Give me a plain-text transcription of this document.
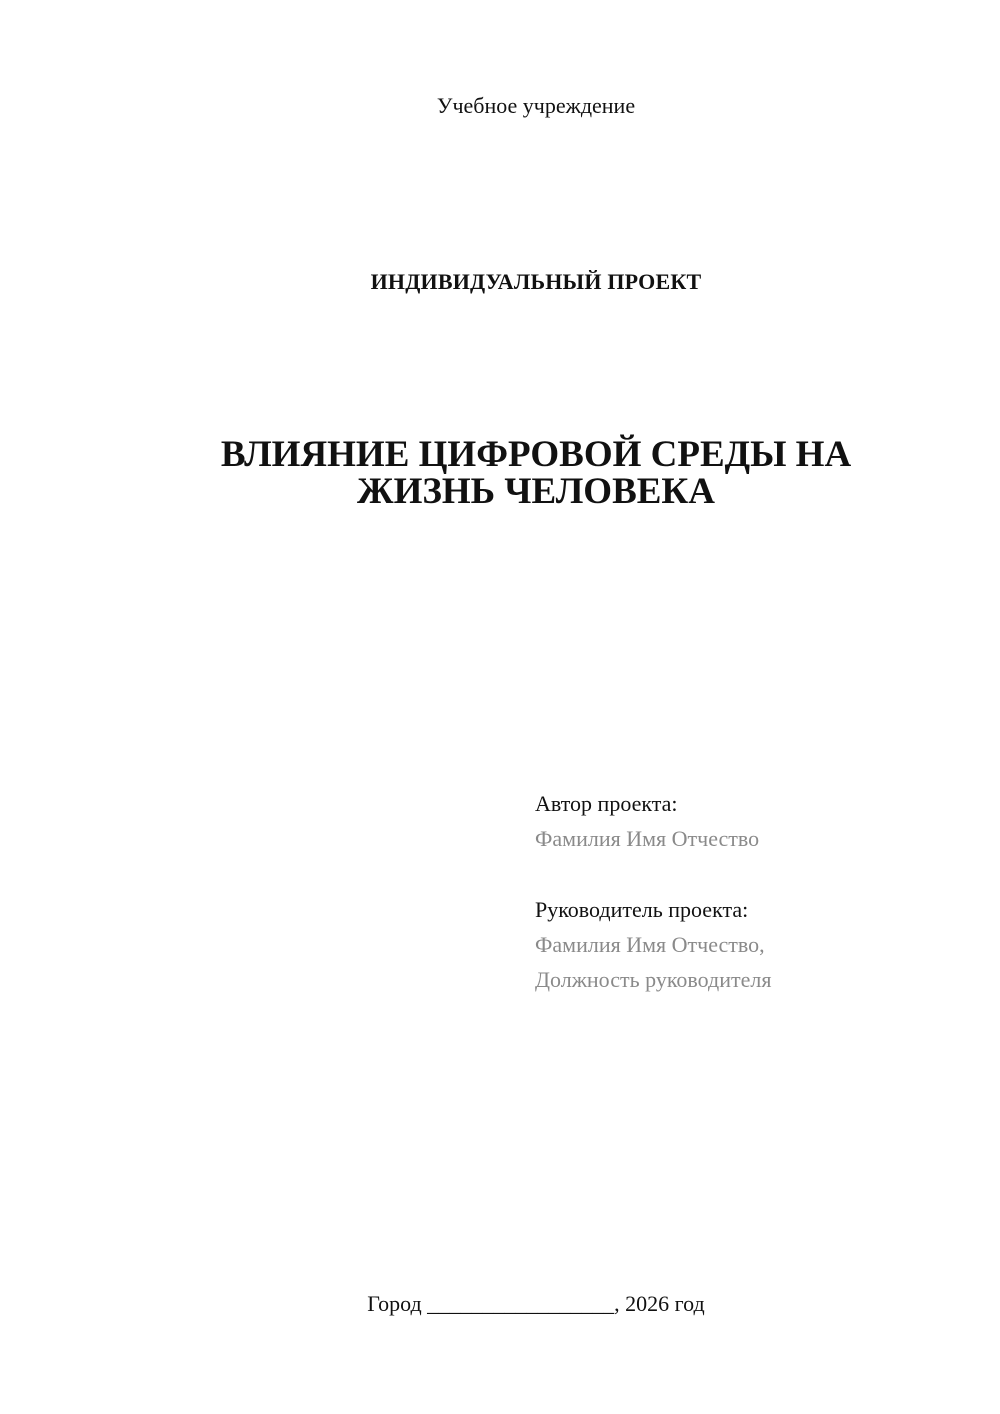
Учебное учреждение
ИНДИВИДУАЛЬНЫЙ ПРОЕКТ
ВЛИЯНИЕ ЦИФРОВОЙ СРЕДЫ НА
ЖИЗНЬ ЧЕЛОВЕКА
Автор проекта:
Фамилия Имя Отчество
Руководитель проекта:
Фамилия Имя Отчество,
Должность руководителя
Город _________________, 2026 год
